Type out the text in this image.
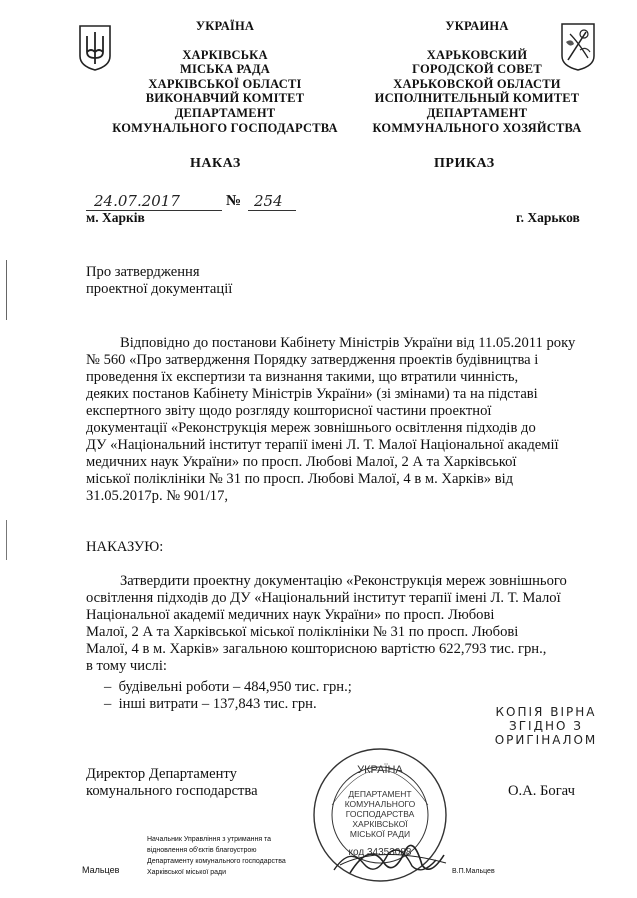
УКРАЇНА
ХАРКІВСЬКА
МІСЬКА РАДА
ХАРКІВСЬКОЇ ОБЛАСТІ
ВИКОНАВЧИЙ КОМІТЕТ
ДЕПАРТАМЕНТ
КОМУНАЛЬНОГО ГОСПОДАРСТВА
УКРАИНА
ХАРЬКОВСКИЙ
ГОРОДСКОЙ СОВЕТ
ХАРЬКОВСКОЙ ОБЛАСТИ
ИСПОЛНИТЕЛЬНЫЙ КОМИТЕТ
ДЕПАРТАМЕНТ
КОММУНАЛЬНОГО ХОЗЯЙСТВА
НАКАЗ	ПРИКАЗ
24.07.2017	№ 254
м. Харків	г. Харьков
Про затвердження
проектної документації
Відповідно до постанови Кабінету Міністрів України від 11.05.2011 року
№ 560 «Про затвердження Порядку затвердження проектів будівництва і
проведення їх експертизи та визнання такими, що втратили чинність,
деяких постанов Кабінету Міністрів України» (зі змінами) та на підставі
експертного звіту щодо розгляду кошторисної частини проектної
документації «Реконструкція мереж зовнішнього освітлення підходів до
ДУ «Національний інститут терапії імені Л. Т. Малої Національної академії
медичних наук України» по просп. Любові Малої, 2 А та Харківської
міської поліклініки № 31 по просп. Любові Малої, 4 в м. Харків» від
31.05.2017р. № 901/17,
НАКАЗУЮ:
Затвердити проектну документацію «Реконструкція мереж зовнішнього
освітлення підходів до ДУ «Національний інститут терапії імені Л. Т. Малої
Національної академії медичних наук України» по просп. Любові
Малої, 2 А та Харківської міської поліклініки № 31 по просп. Любові
Малої, 4 в м. Харків» загальною кошторисною вартістю 622,793 тис. грн.,
в тому числі:
–  будівельні роботи – 484,950 тис. грн.;
–  інші витрати – 137,843 тис. грн.	КОПІЯ ВІРНА
ЗГІДНО З
ОРИГІНАЛОМ
Директор Департаменту
комунального господарства	О.А. Богач
УКРАЇНА
ДЕПАРТАМЕНТ
КОМУНАЛЬНОГО
ГОСПОДАРСТВА
ХАРКІВСЬКОЇ
МІСЬКОЇ РАДИ
код 34353088
Начальник Управління з утримання та
відновлення об'єктів благоустрою
Департаменту комунального господарства
Харківської міської ради	В.П.Мальцев
Мальцев
